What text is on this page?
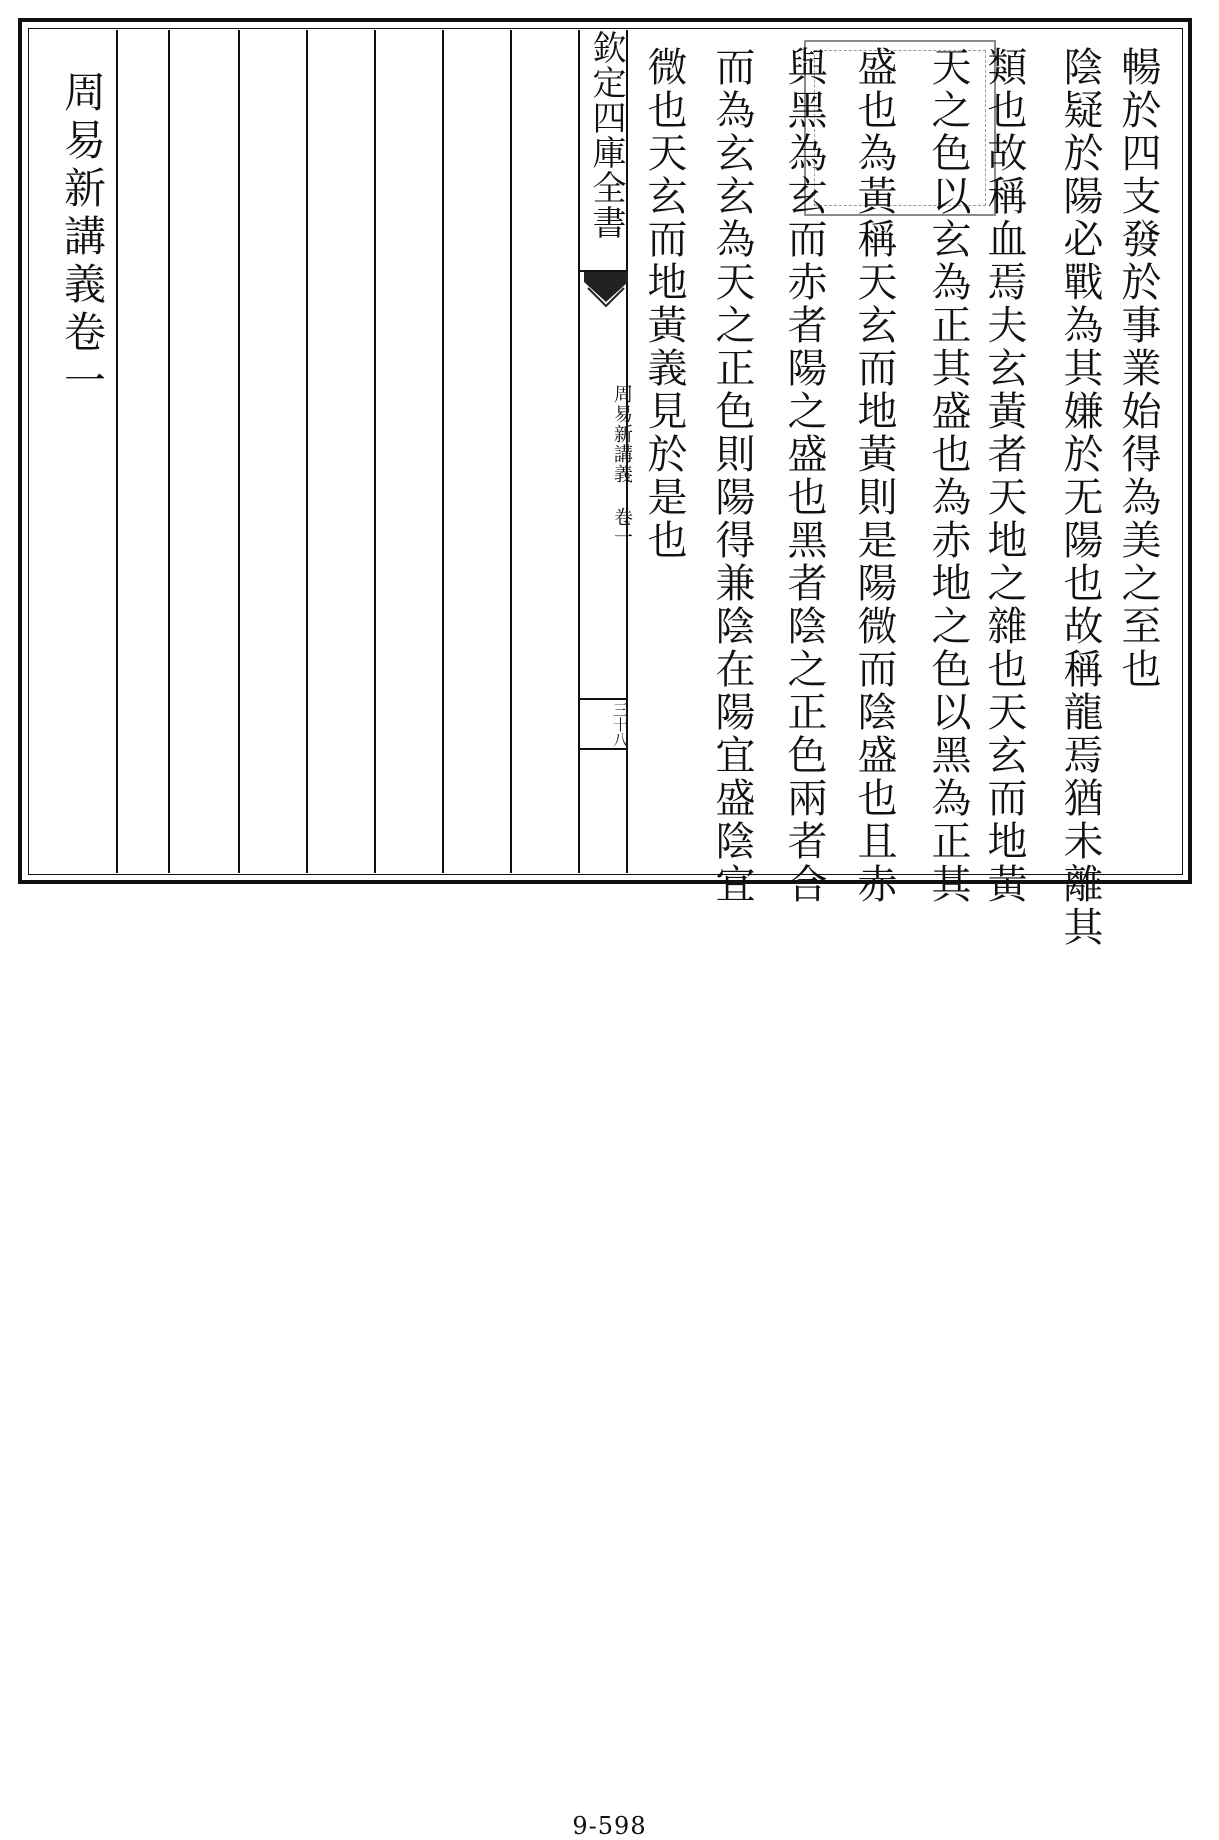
周易新講義卷一	欽定四庫全書
周易新講義 卷一
三十八
暢於四支發於事業始得為美之至也
陰疑於陽必戰為其嫌於无陽也故稱龍焉猶未離其
類也故稱血焉夫玄黃者天地之雜也天玄而地黃
天之色以玄為正其盛也為赤地之色以黑為正其
盛也為黃稱天玄而地黃則是陽微而陰盛也且赤
與黑為玄而赤者陽之盛也黑者陰之正色兩者合
而為玄玄為天之正色則陽得兼陰在陽宜盛陰宜
微也天玄而地黃義見於是也
9-598
